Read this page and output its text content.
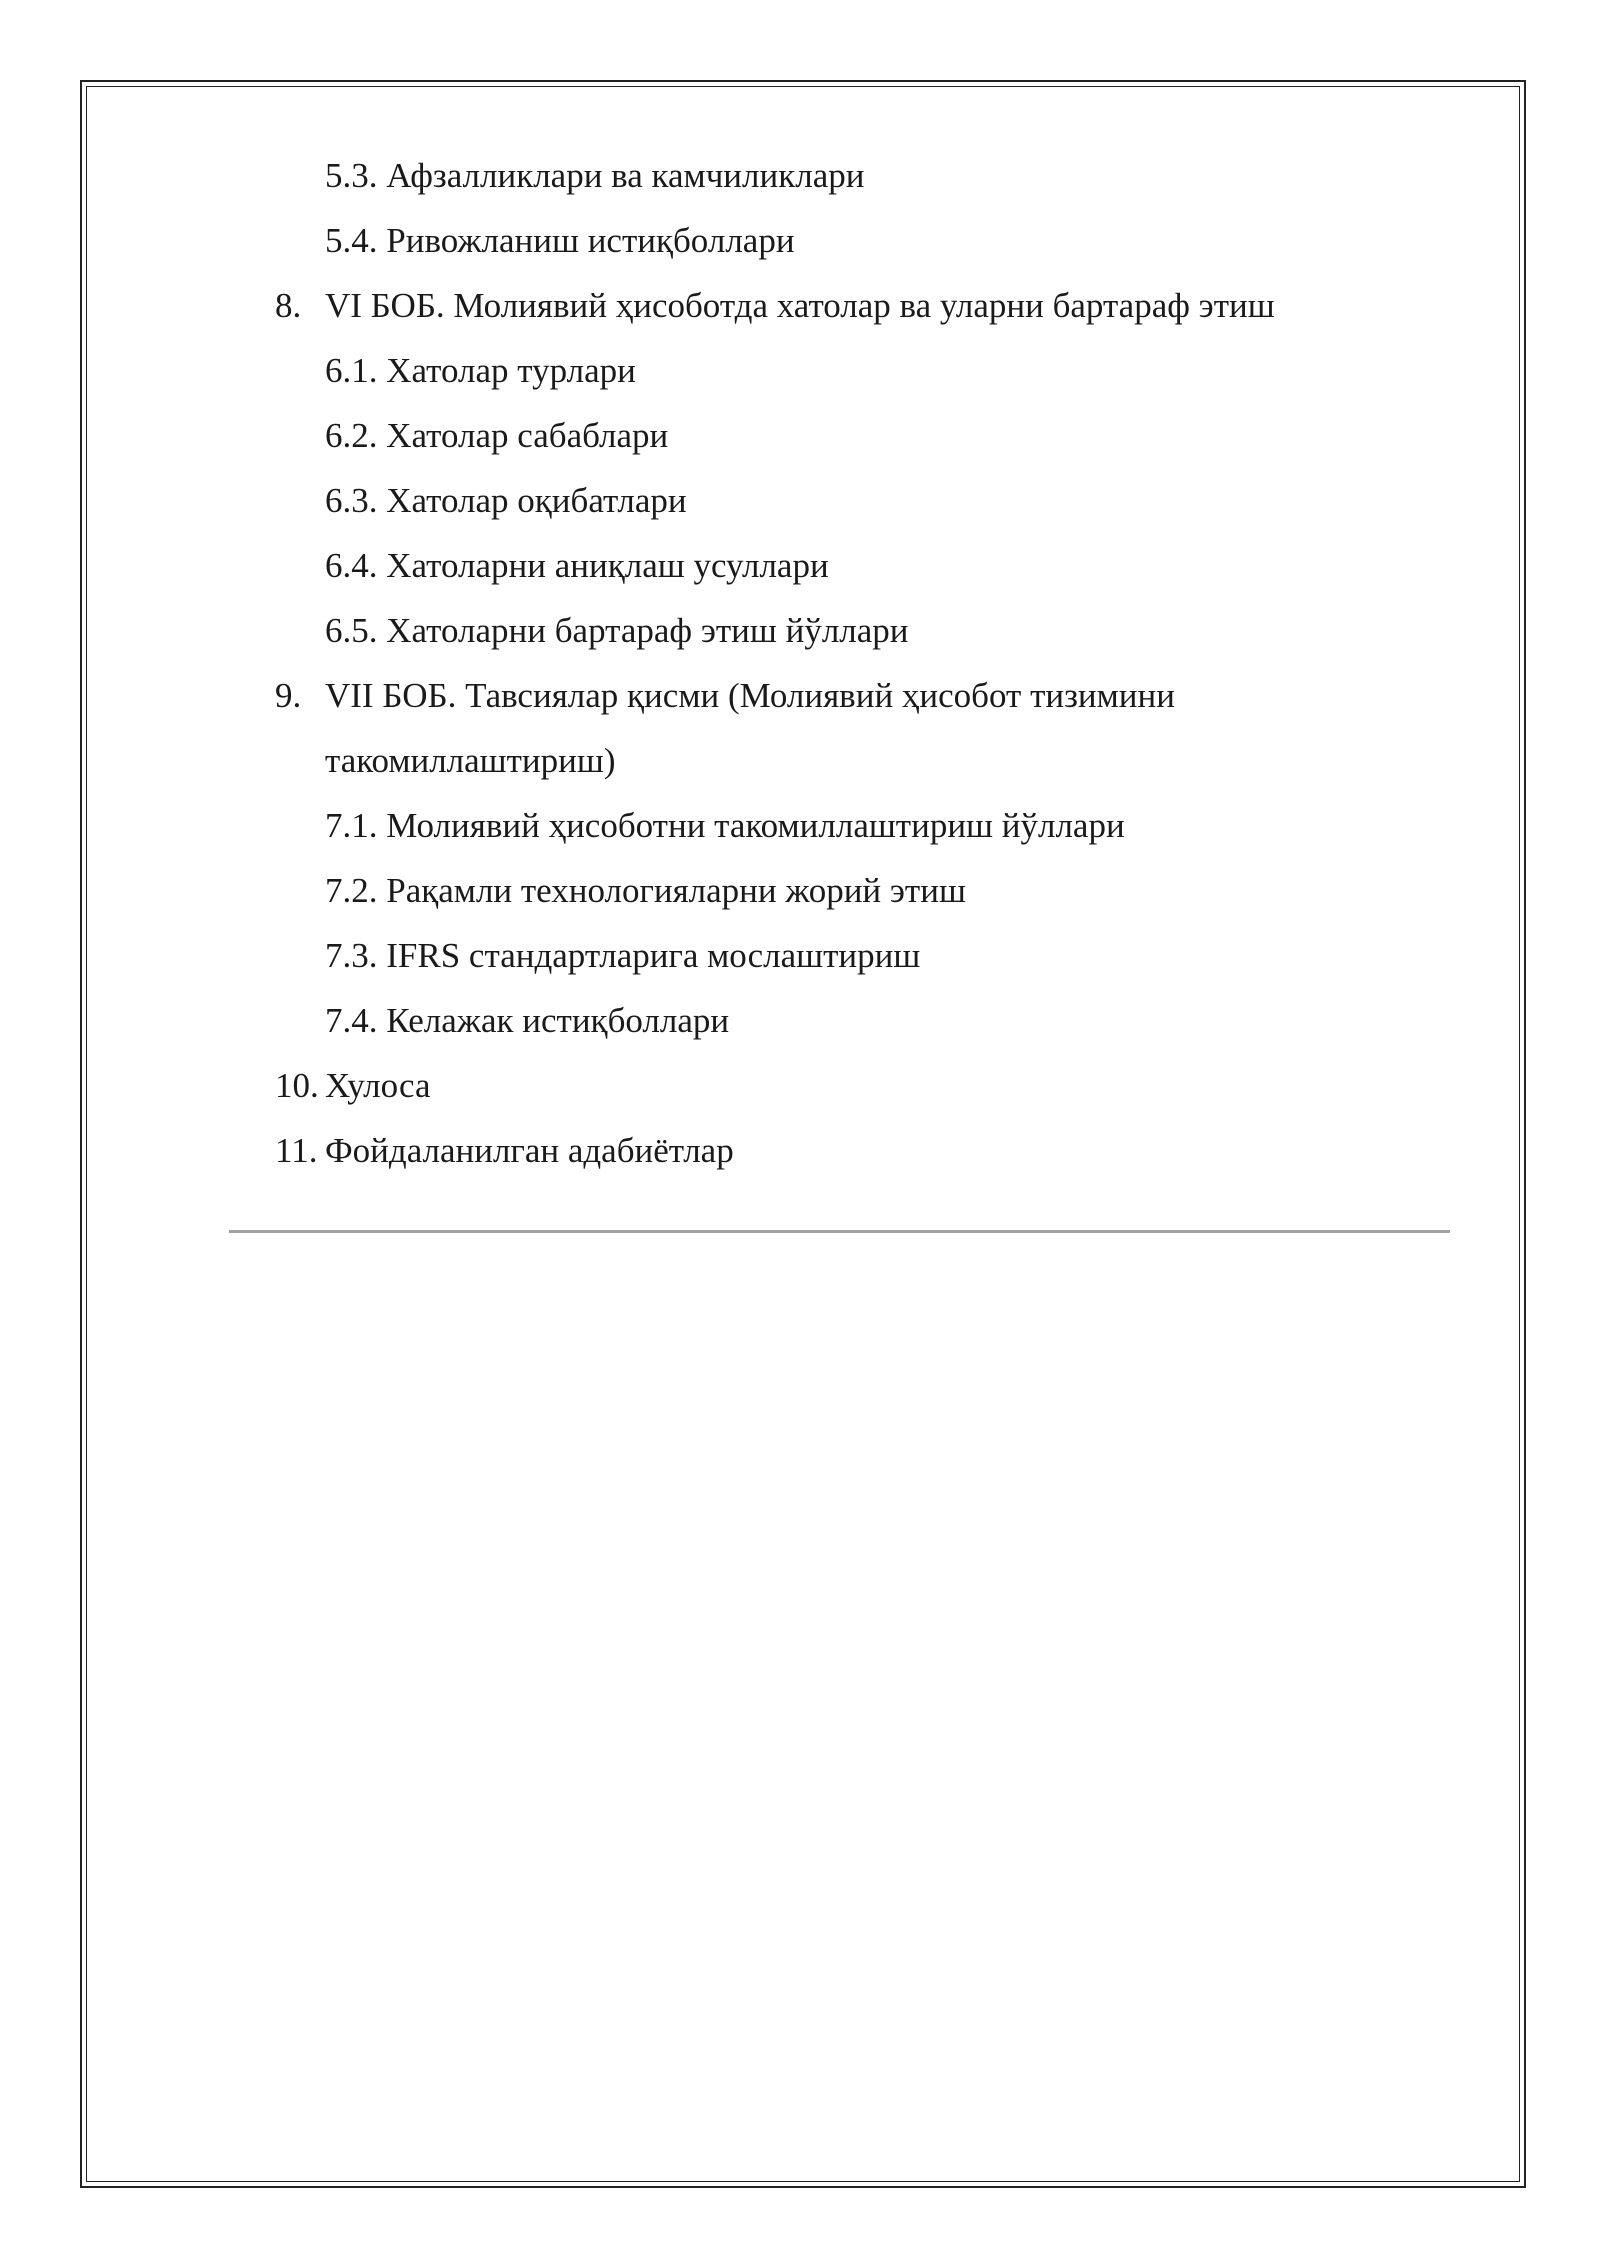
5.3. Афзалликлари ва камчиликлари
5.4. Ривожланиш истиқболлари
8. VI БОБ. Молиявий ҳисоботда хатолар ва уларни бартараф этиш
6.1. Хатолар турлари
6.2. Хатолар сабаблари
6.3. Хатолар оқибатлари
6.4. Хатоларни аниқлаш усуллари
6.5. Хатоларни бартараф этиш йўллари
9. VII БОБ. Тавсиялар қисми (Молиявий ҳисобот тизимини
такомиллаштириш)
7.1. Молиявий ҳисоботни такомиллаштириш йўллари
7.2. Рақамли технологияларни жорий этиш
7.3. IFRS стандартларига мослаштириш
7.4. Келажак истиқболлари
10. Хулоса
11. Фойдаланилган адабиётлар
